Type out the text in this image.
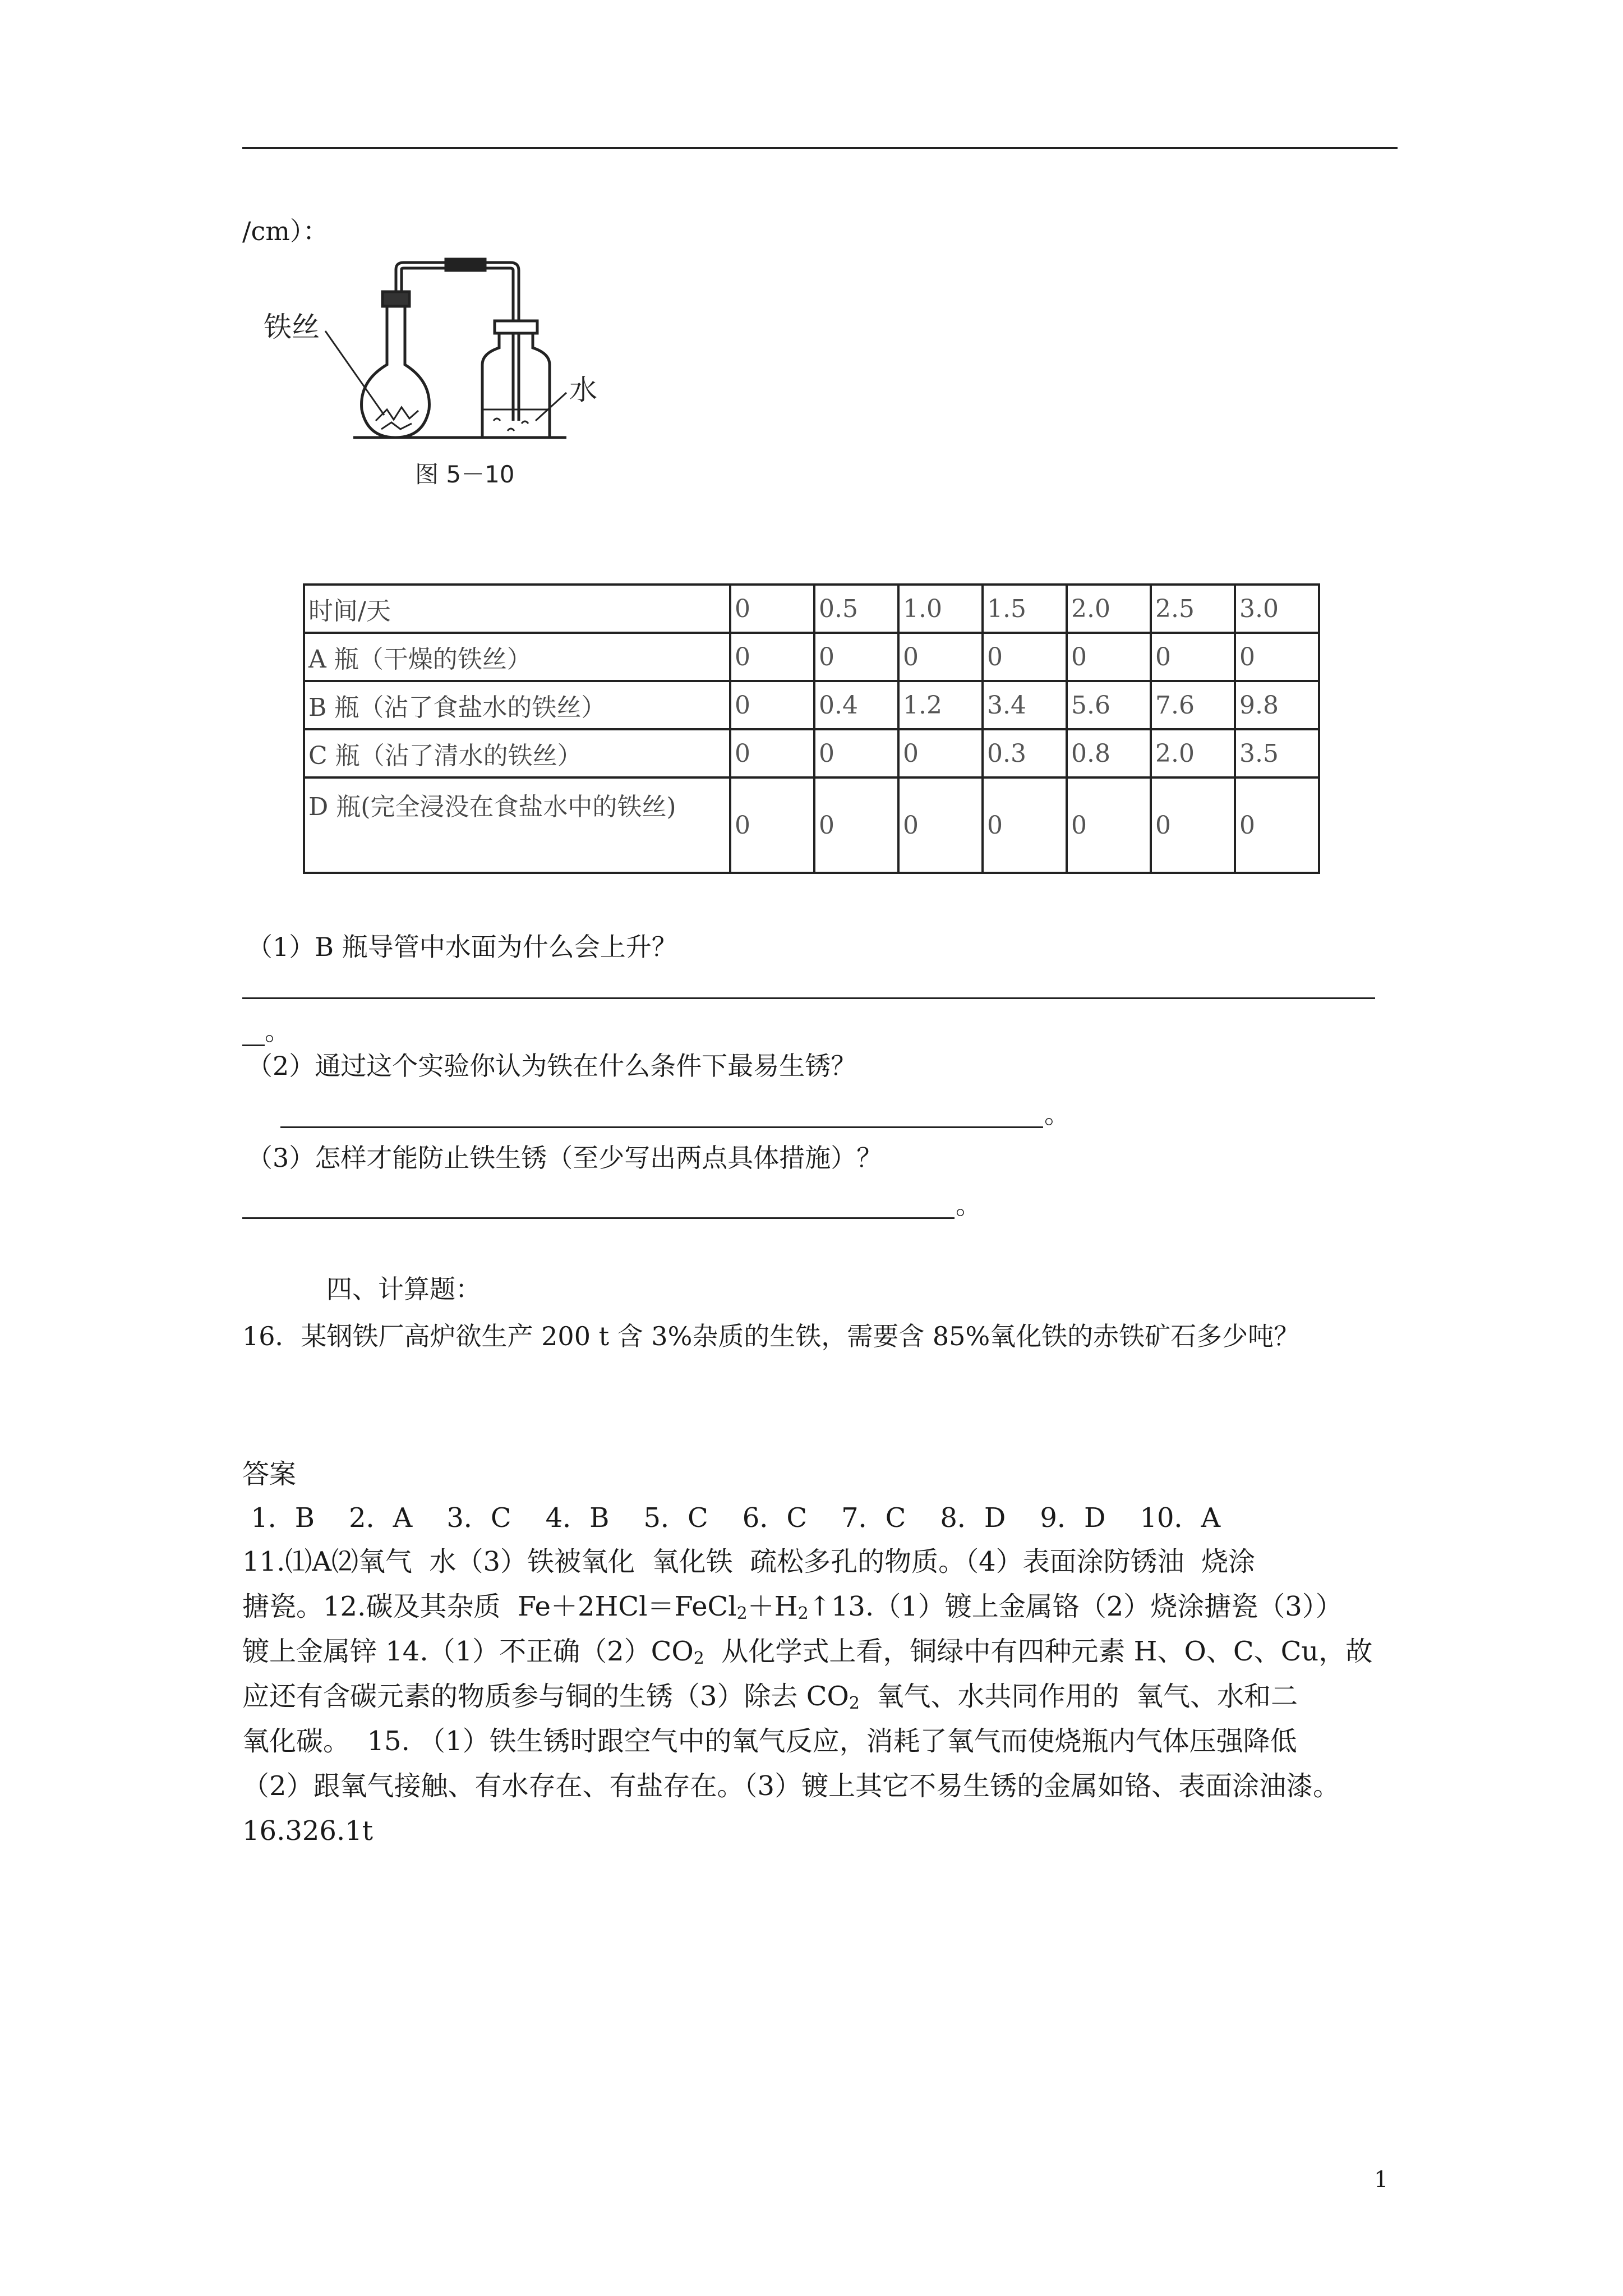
/cm）：
铁丝
水
图 5－10
时间/天	0	0.5	1.0	1.5	2.0	2.5	3.0
A 瓶（干燥的铁丝）	0	0	0	0	0	0	0
B 瓶（沾了食盐水的铁丝）	0	0.4	1.2	3.4	5.6	7.6	9.8
C 瓶（沾了清水的铁丝）	0	0	0	0.3	0.8	2.0	3.5
D 瓶(完全浸没在食盐水中的铁丝)	0	0	0	0	0	0	0
（1）B 瓶导管中水面为什么会上升？
。
（2）通过这个实验你认为铁在什么条件下最易生锈？
。
（3）怎样才能防止铁生锈（至少写出两点具体措施）？
。
四、计算题：
16．某钢铁厂高炉欲生产 200 t 含 3%杂质的生铁，需要含 85%氧化铁的赤铁矿石多少吨？
答案
1．B    2．A    3．C    4．B    5．C    6．C    7．C    8．D    9．D    10．A
11.⑴A⑵氧气  水（3）铁被氧化  氧化铁  疏松多孔的物质。（4）表面涂防锈油  烧涂
搪瓷。12.碳及其杂质  $Fe+2HCl=FeCl_2+H_2↑13.(1)$镀上金属铬（2）烧涂搪瓷（3））
镀上金属锌 14.（1）不正确$(2)CO_2$  从化学式上看，铜绿中有四种元素 H、O、C、Cu，故
应还有含碳元素的物质参与铜的生锈（3）除去 $CO_2$  氧气、水共同作用的  氧气、水和二
氧化碳。  15. （1）铁生锈时跟空气中的氧气反应，消耗了氧气而使烧瓶内气体压强降低
（2）跟氧气接触、有水存在、有盐存在。（3）镀上其它不易生锈的金属如铬、表面涂油漆。
16.326.1t
1
